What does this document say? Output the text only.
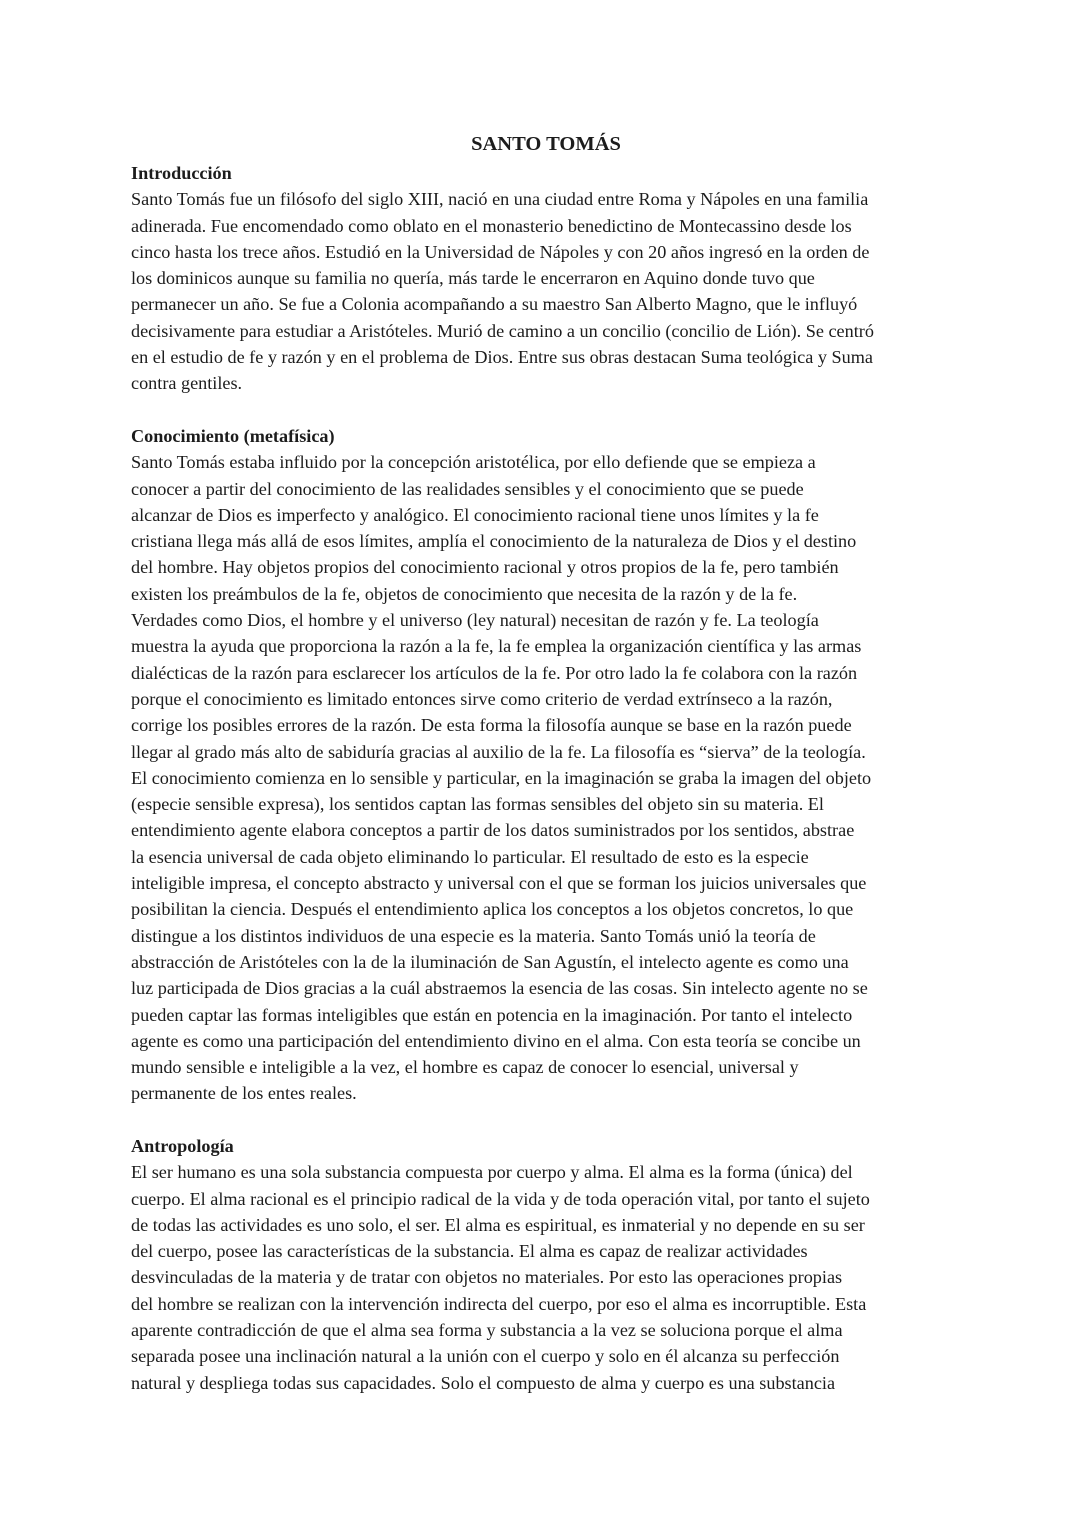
SANTO TOMÁS
Introducción
Santo Tomás fue un filósofo del siglo XIII, nació en una ciudad entre Roma y Nápoles en una familia
adinerada. Fue encomendado como oblato en el monasterio benedictino de Montecassino desde los
cinco hasta los trece años. Estudió en la Universidad de Nápoles y con 20 años ingresó en la orden de
los dominicos aunque su familia no quería, más tarde le encerraron en Aquino donde tuvo que
permanecer un año. Se fue a Colonia acompañando a su maestro San Alberto Magno, que le influyó
decisivamente para estudiar a Aristóteles. Murió de camino a un concilio (concilio de Lión). Se centró
en el estudio de fe y razón y en el problema de Dios. Entre sus obras destacan Suma teológica y Suma
contra gentiles.
Conocimiento (metafísica)
Santo Tomás estaba influido por la concepción aristotélica, por ello defiende que se empieza a
conocer a partir del conocimiento de las realidades sensibles y el conocimiento que se puede
alcanzar de Dios es imperfecto y analógico. El conocimiento racional tiene unos límites y la fe
cristiana llega más allá de esos límites, amplía el conocimiento de la naturaleza de Dios y el destino
del hombre. Hay objetos propios del conocimiento racional y otros propios de la fe, pero también
existen los preámbulos de la fe, objetos de conocimiento que necesita de la razón y de la fe.
Verdades como Dios, el hombre y el universo (ley natural) necesitan de razón y fe. La teología
muestra la ayuda que proporciona la razón a la fe, la fe emplea la organización científica y las armas
dialécticas de la razón para esclarecer los artículos de la fe. Por otro lado la fe colabora con la razón
porque el conocimiento es limitado entonces sirve como criterio de verdad extrínseco a la razón,
corrige los posibles errores de la razón. De esta forma la filosofía aunque se base en la razón puede
llegar al grado más alto de sabiduría gracias al auxilio de la fe. La filosofía es “sierva” de la teología.
El conocimiento comienza en lo sensible y particular, en la imaginación se graba la imagen del objeto
(especie sensible expresa), los sentidos captan las formas sensibles del objeto sin su materia. El
entendimiento agente elabora conceptos a partir de los datos suministrados por los sentidos, abstrae
la esencia universal de cada objeto eliminando lo particular. El resultado de esto es la especie
inteligible impresa, el concepto abstracto y universal con el que se forman los juicios universales que
posibilitan la ciencia. Después el entendimiento aplica los conceptos a los objetos concretos, lo que
distingue a los distintos individuos de una especie es la materia. Santo Tomás unió la teoría de
abstracción de Aristóteles con la de la iluminación de San Agustín, el intelecto agente es como una
luz participada de Dios gracias a la cuál abstraemos la esencia de las cosas. Sin intelecto agente no se
pueden captar las formas inteligibles que están en potencia en la imaginación. Por tanto el intelecto
agente es como una participación del entendimiento divino en el alma. Con esta teoría se concibe un
mundo sensible e inteligible a la vez, el hombre es capaz de conocer lo esencial, universal y
permanente de los entes reales.
Antropología
El ser humano es una sola substancia compuesta por cuerpo y alma. El alma es la forma (única) del
cuerpo. El alma racional es el principio radical de la vida y de toda operación vital, por tanto el sujeto
de todas las actividades es uno solo, el ser. El alma es espiritual, es inmaterial y no depende en su ser
del cuerpo, posee las características de la substancia. El alma es capaz de realizar actividades
desvinculadas de la materia y de tratar con objetos no materiales. Por esto las operaciones propias
del hombre se realizan con la intervención indirecta del cuerpo, por eso el alma es incorruptible. Esta
aparente contradicción de que el alma sea forma y substancia a la vez se soluciona porque el alma
separada posee una inclinación natural a la unión con el cuerpo y solo en él alcanza su perfección
natural y despliega todas sus capacidades. Solo el compuesto de alma y cuerpo es una substancia
